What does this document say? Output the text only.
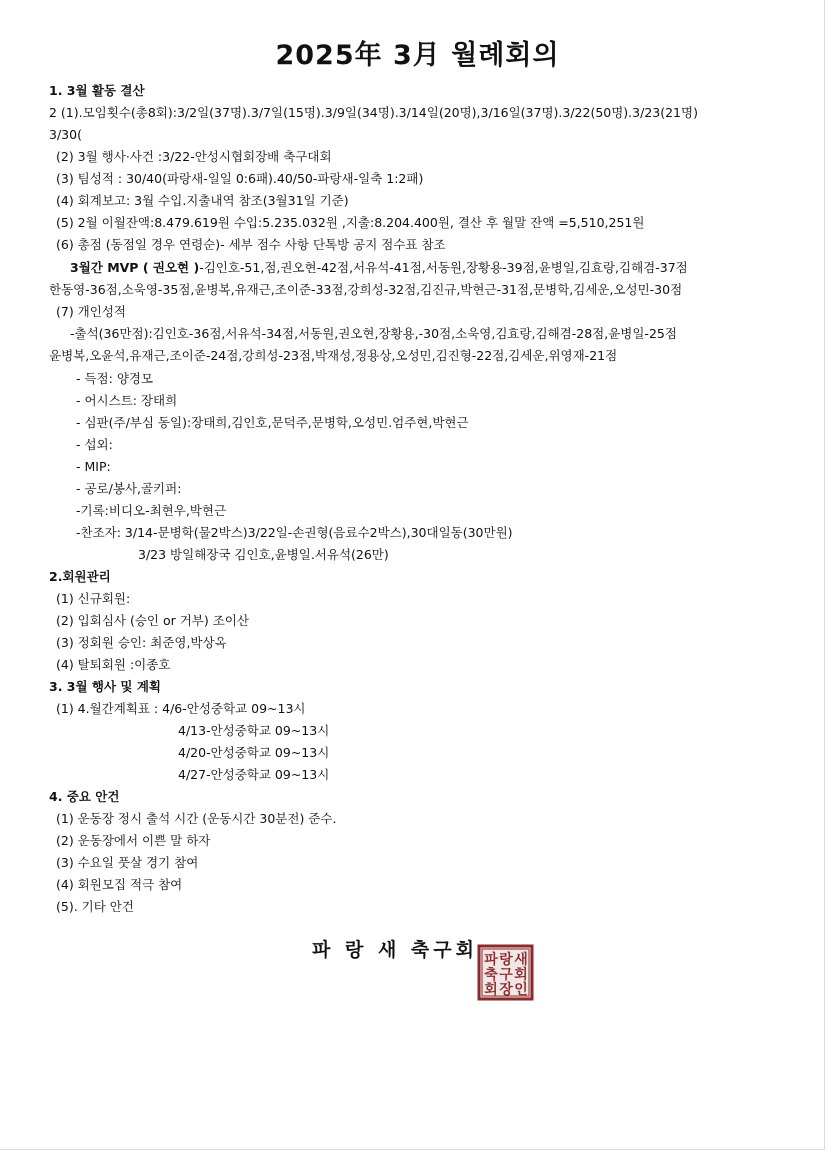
2025年 3月 월례회의
1. 3월 활동 결산
2 (1).모임횟수(총8회):3/2일(37명).3/7일(15명).3/9일(34명).3/14일(20명),3/16일(37명).3/22(50명).3/23(21명)
3/30(
(2) 3월 행사·사건 :3/22-안성시협회장배 축구대회
(3) 팀성적 : 30/40(파랑새-일일 0:6패).40/50-파랑새-일축 1:2패)
(4) 회계보고: 3월 수입.지출내역 참조(3월31일 기준)
(5) 2월 이월잔액:8.479.619원 수입:5.235.032원 ,지출:8.204.400원, 결산 후 월말 잔액 =5,510,251원
(6) 총점 (동점일 경우 연령순)- 세부 점수 사항 단톡방 공지 점수표 참조
3월간 MVP ( 권오현 )-김인호-51,점,권오현-42점,서유석-41점,서동원,장황용-39점,윤병일,김효랑,김해겸-37점
한동영-36점,소욱영-35점,윤병복,유재근,조이준-33점,강희성-32점,김진규,박현근-31점,문병학,김세운,오성민-30점
(7) 개인성적
-출석(36만점):김인호-36점,서유석-34점,서동원,권오현,장황용,-30점,소욱영,김효랑,김해겸-28점,윤병일-25점
윤병복,오윤석,유재근,조이준-24점,강희성-23점,박재성,정용상,오성민,김진형-22점,김세운,위영재-21점
- 득점: 양경모
- 어시스트: 장태희
- 심판(주/부심 동일):장태희,김인호,문덕주,문병학,오성민.엄주현,박현근
- 섭외:
- MIP:
- 공로/봉사,골키퍼:
-기록:비디오-최현우,박현근
-찬조자: 3/14-문병학(물2박스)3/22일-손권형(음료수2박스),30대일동(30만원)
3/23 방일해장국 김인호,윤병일.서유석(26만)
2.회원관리
(1) 신규회원:
(2) 입회심사 (승인 or 거부) 조이산
(3) 정회원 승인: 최준영,박상옥
(4) 탈퇴회원 :이종호
3. 3월 행사 및 계획
(1) 4.월간계획표 : 4/6-안성중학교 09~13시
4/13-안성중학교 09~13시
4/20-안성중학교 09~13시
4/27-안성중학교 09~13시
4. 중요 안건
(1) 운동장 정시 출석 시간 (운동시간 30분전) 준수.
(2) 운동장에서 이쁜 말 하자
(3) 수요일 풋살 경기 참여
(4) 회원모집 적극 참여
(5). 기타 안건
파 랑 새 축구회 파 랑 새
축 구 회
회 장 인
